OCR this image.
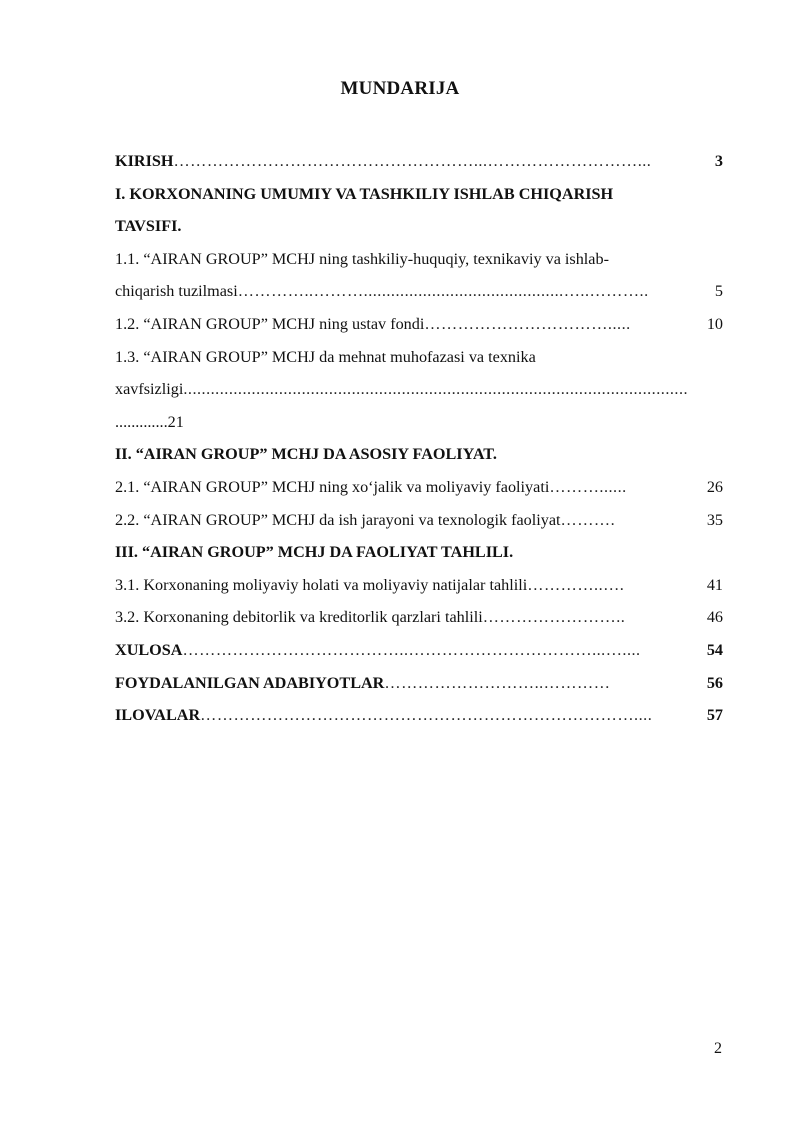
MUNDARIJA
KIRISH ………………………………………………...………………………...	3
I. KORXONANING UMUMIY VA TASHKILIY ISHLAB CHIQARISH
TAVSIFI.
1.1. “AIRAN GROUP” MCHJ ning tashkiliy-huquqiy, texnikaviy va ishlab-
chiqarish tuzilmasi …………..………............................................…..………..	5
1.2. “AIRAN GROUP” MCHJ ning ustav fondi …………………………….....	10
1.3. “AIRAN GROUP” MCHJ da mehnat muhofazasi va texnika
xavfsizligi ...............................................................................................................
.............21
II. “AIRAN GROUP” MCHJ DA ASOSIY FAOLIYAT.
2.1. “AIRAN GROUP” MCHJ ning xo‘jalik va moliyaviy faoliyati ………......	26
2.2. “AIRAN GROUP” MCHJ da ish jarayoni va texnologik faoliyat ……….	35
III. “AIRAN GROUP” MCHJ DA FAOLIYAT TAHLILI.
3.1. Korxonaning moliyaviy holati va moliyaviy natijalar tahlili …………..….	41
3.2. Korxonaning debitorlik va kreditorlik qarzlari tahlili ……………………..	46
XULOSA …………………………………..……………………………...…....	54
FOYDALANILGAN ADABIYOTLAR ………………………..…………	56
ILOVALAR ……………………………………………………………………....	57
2
